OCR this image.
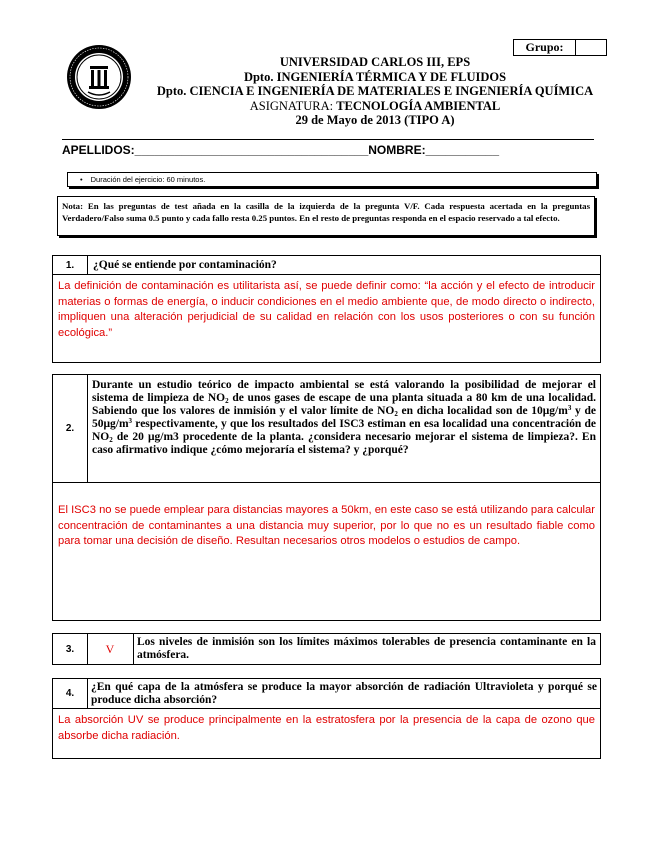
Grupo:
UNIVERSIDAD CARLOS III, EPS
Dpto. INGENIERÍA TÉRMICA Y DE FLUIDOS
Dpto. CIENCIA E INGENIERÍA DE MATERIALES E INGENIERÍA QUÍMICA
ASIGNATURA: TECNOLOGÍA AMBIENTAL
29 de Mayo de 2013 (TIPO A)
APELLIDOS:___________________________________NOMBRE:___________
• Duración del ejercicio: 60 minutos.
Nota: En las preguntas de test añada en la casilla de la izquierda de la pregunta V/F. Cada respuesta acertada en la preguntas Verdadero/Falso suma 0.5 punto y cada fallo resta 0.25 puntos. En el resto de preguntas responda en el espacio reservado a tal efecto.
1.	¿Qué se entiende por contaminación?
La definición de contaminación es utilitarista así, se puede definir como: “la acción y el efecto de introducir materias o formas de energía, o inducir condiciones en el medio ambiente que, de modo directo o indirecto, impliquen una alteración perjudicial de su calidad en relación con los usos posteriores o con su función ecológica.”
2.
Durante un estudio teórico de impacto ambiental se está valorando la posibilidad de mejorar el sistema de limpieza de $NO_2$ de unos gases de escape de una planta situada a 80 km de una localidad. Sabiendo que los valores de inmisión y el valor límite de $NO_2$ en dicha localidad son de $10\mu g/m^3$ y de $50\mu g/m^3$ respectivamente, y que los resultados del ISC3 estiman en esa localidad una concentración de $NO_2$ de 20 μg/m3 procedente de la planta. ¿considera necesario mejorar el sistema de limpieza?. En caso afirmativo indique ¿cómo mejoraría el sistema? y ¿porqué?
El ISC3 no se puede emplear para distancias mayores a 50km, en este caso se está utilizando para calcular concentración de contaminantes a una distancia muy superior, por lo que no es un resultado fiable como para tomar una decisión de diseño. Resultan necesarios otros modelos o estudios de campo.
3.	V Los niveles de inmisión son los límites máximos tolerables de presencia contaminante en la atmósfera.
4.
¿En qué capa de la atmósfera se produce la mayor absorción de radiación Ultravioleta y porqué se produce dicha absorción?
La absorción UV se produce principalmente en la estratosfera por la presencia de la capa de ozono que absorbe dicha radiación.
